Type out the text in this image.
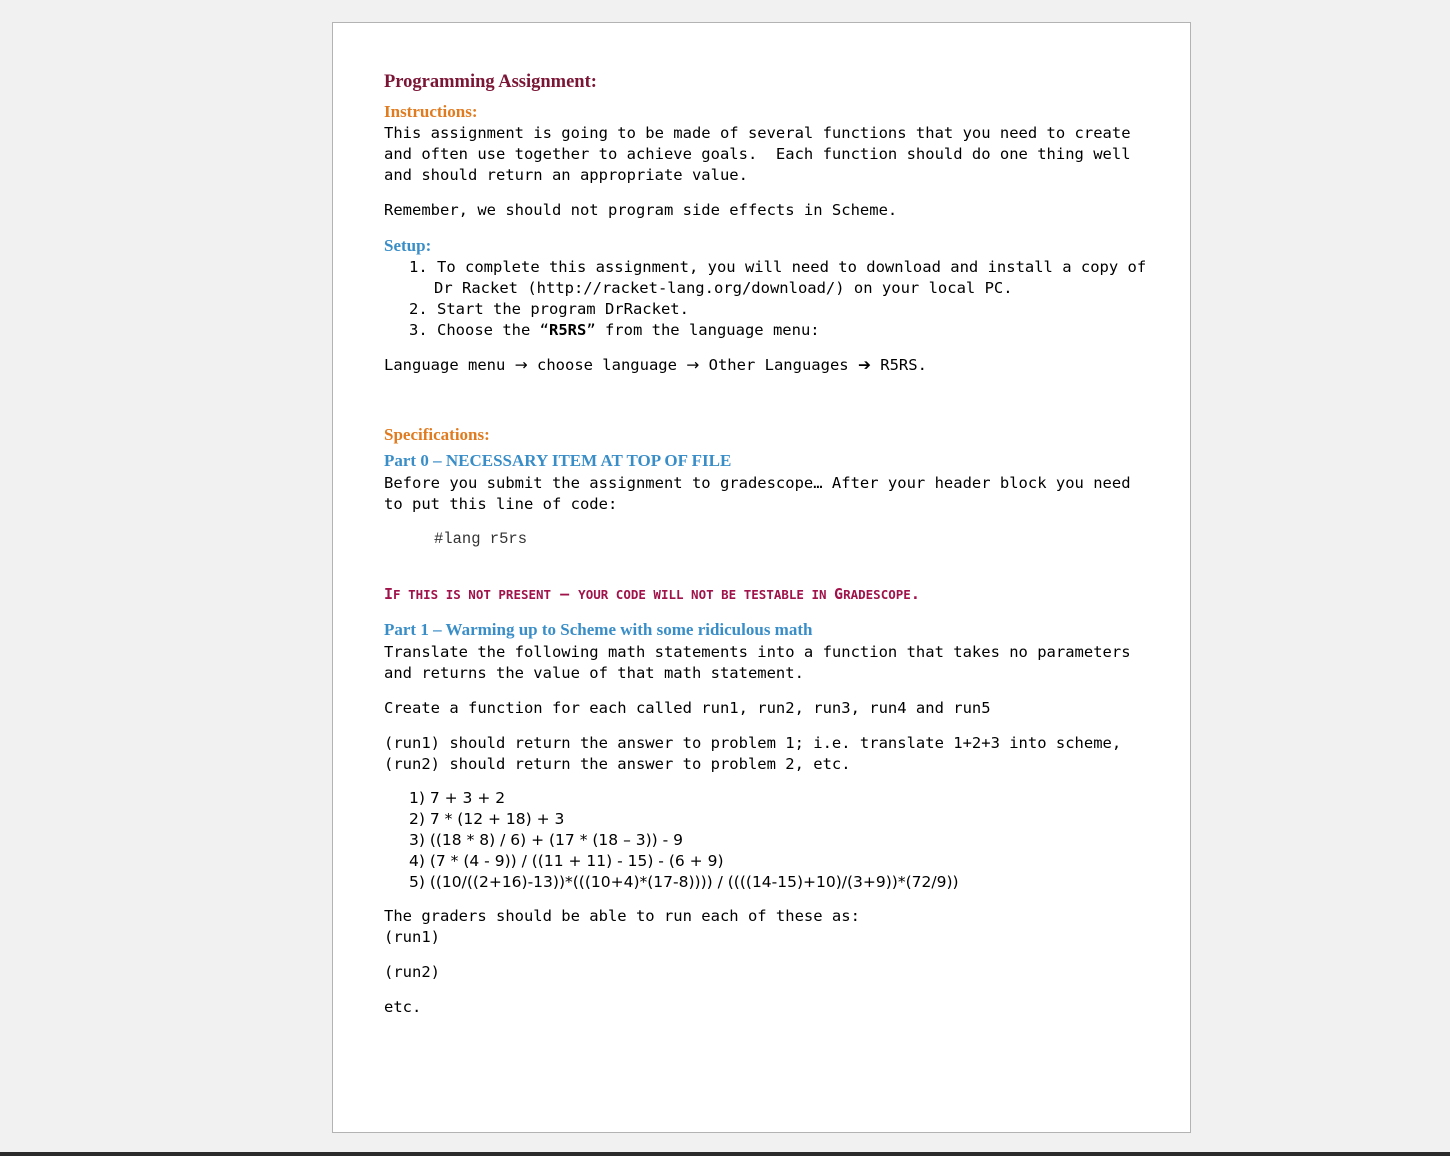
Programming Assignment:
Instructions:
This assignment is going to be made of several functions that you need to create
and often use together to achieve goals.  Each function should do one thing well
and should return an appropriate value.
Remember, we should not program side effects in Scheme.
Setup:
1. To complete this assignment, you will need to download and install a copy of
Dr Racket (http://racket-lang.org/download/) on your local PC.
2. Start the program DrRacket.
3. Choose the “R5RS” from the language menu:
Language menu → choose language → Other Languages ➔ R5RS.
Specifications:
Part 0 – NECESSARY ITEM AT TOP OF FILE
Before you submit the assignment to gradescope… After your header block you need
to put this line of code:
#lang r5rs
IF THIS IS NOT PRESENT – YOUR CODE WILL NOT BE TESTABLE IN GRADESCOPE.
Part 1 – Warming up to Scheme with some ridiculous math
Translate the following math statements into a function that takes no parameters
and returns the value of that math statement.
Create a function for each called run1, run2, run3, run4 and run5
(run1) should return the answer to problem 1; i.e. translate 1+2+3 into scheme,
(run2) should return the answer to problem 2, etc.
1) 7 + 3 + 2
2) 7 * (12 + 18) + 3
3) ((18 * 8) / 6) + (17 * (18 – 3)) - 9
4) (7 * (4 - 9)) / ((11 + 11) - 15) - (6 + 9)
5) ((10/((2+16)-13))*(((10+4)*(17-8)))) / ((((14-15)+10)/(3+9))*(72/9))
The graders should be able to run each of these as:
(run1)
(run2)
etc.
